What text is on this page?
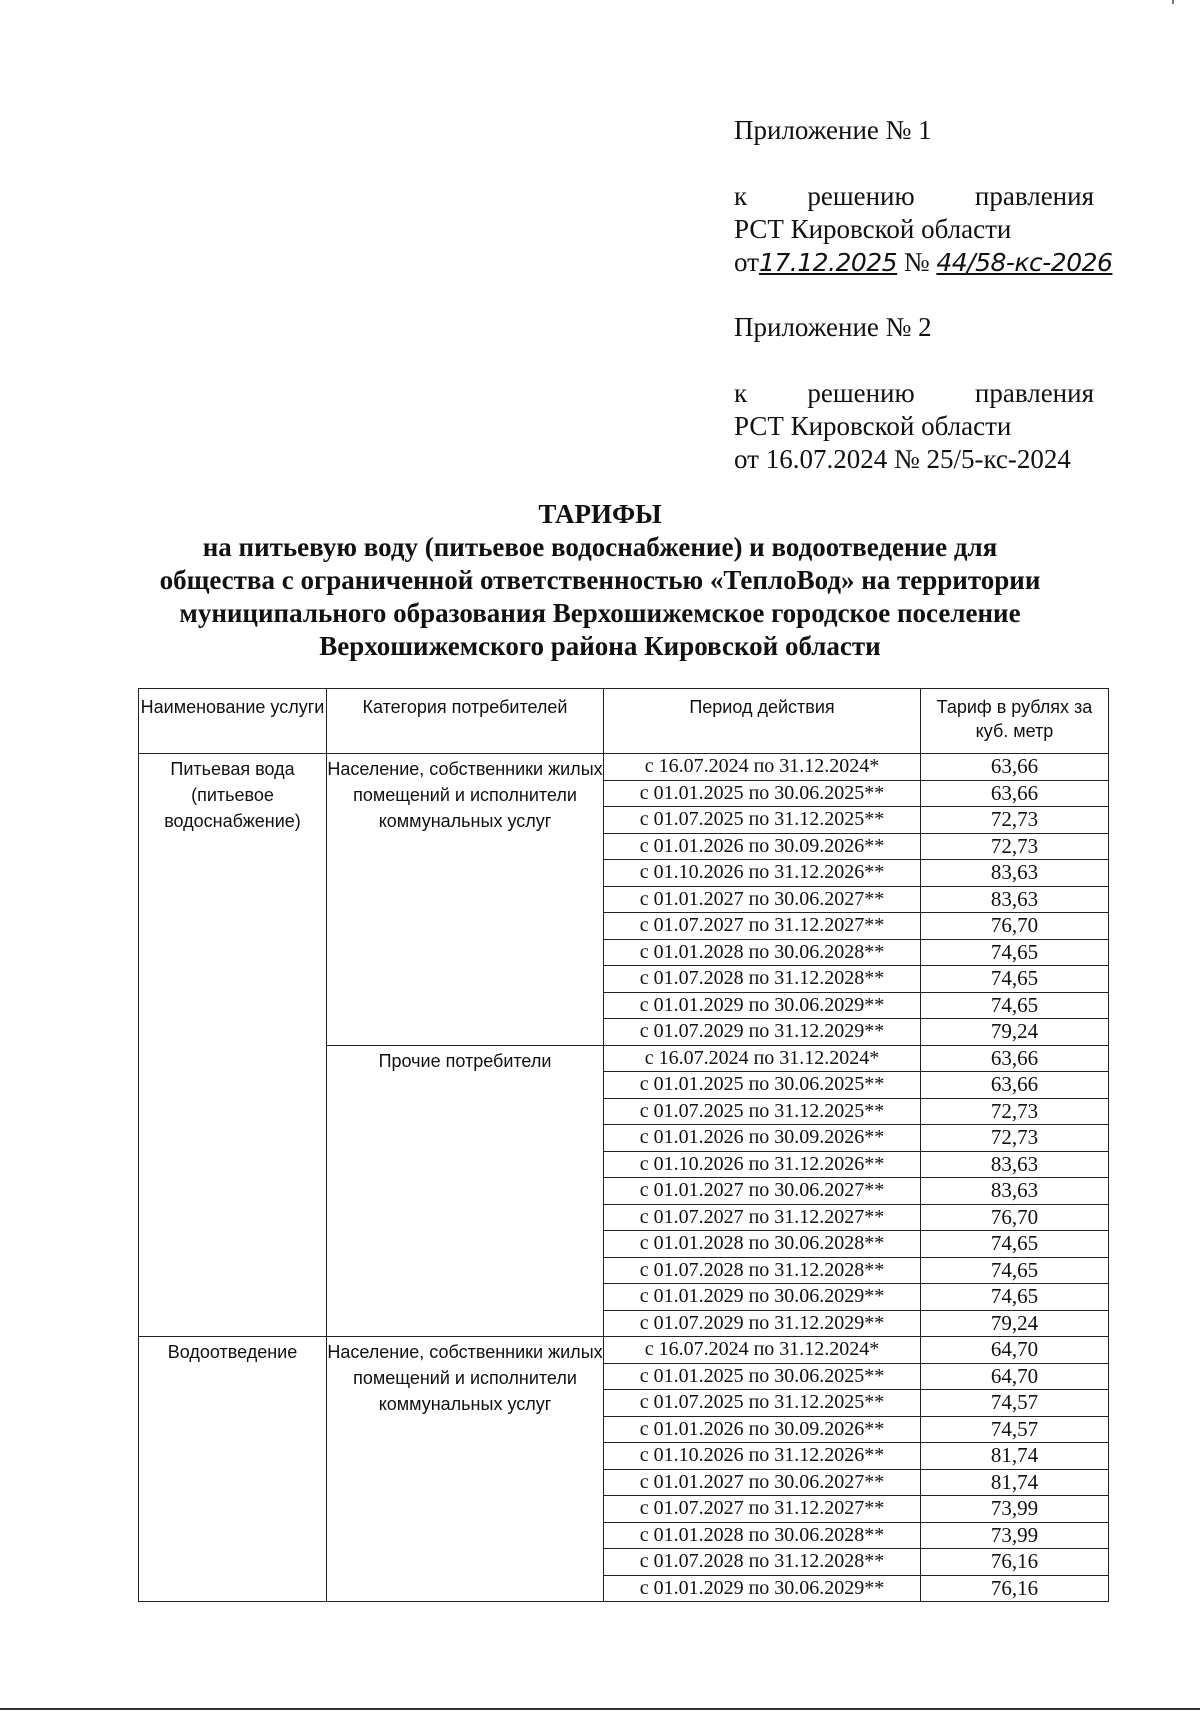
Приложение № 1
к решению правления
РСТ Кировской области
от17.12.2025 № 44/58-кс-2026
Приложение № 2
к решению правления
РСТ Кировской области
от 16.07.2024 № 25/5-кс-2024
ТАРИФЫ
на питьевую воду (питьевое водоснабжение) и водоотведение для
общества с ограниченной ответственностью «ТеплоВод» на территории
муниципального образования Верхошижемское городское поселение
Верхошижемского района Кировской области
Наименование услуги	Категория потребителей	Период действия	Тариф в рублях за куб. метр
Питьевая вода (питьевое водоснабжение)	Население, собственники жилых помещений и исполнители коммунальных услуг	с 16.07.2024 по 31.12.2024*	63,66
		с 01.01.2025 по 30.06.2025**	63,66
		с 01.07.2025 по 31.12.2025**	72,73
		с 01.01.2026 по 30.09.2026**	72,73
		с 01.10.2026 по 31.12.2026**	83,63
		с 01.01.2027 по 30.06.2027**	83,63
		с 01.07.2027 по 31.12.2027**	76,70
		с 01.01.2028 по 30.06.2028**	74,65
		с 01.07.2028 по 31.12.2028**	74,65
		с 01.01.2029 по 30.06.2029**	74,65
		с 01.07.2029 по 31.12.2029**	79,24
	Прочие потребители	с 16.07.2024 по 31.12.2024*	63,66
		с 01.01.2025 по 30.06.2025**	63,66
		с 01.07.2025 по 31.12.2025**	72,73
		с 01.01.2026 по 30.09.2026**	72,73
		с 01.10.2026 по 31.12.2026**	83,63
		с 01.01.2027 по 30.06.2027**	83,63
		с 01.07.2027 по 31.12.2027**	76,70
		с 01.01.2028 по 30.06.2028**	74,65
		с 01.07.2028 по 31.12.2028**	74,65
		с 01.01.2029 по 30.06.2029**	74,65
		с 01.07.2029 по 31.12.2029**	79,24
Водоотведение	Население, собственники жилых помещений и исполнители коммунальных услуг	с 16.07.2024 по 31.12.2024*	64,70
		с 01.01.2025 по 30.06.2025**	64,70
		с 01.07.2025 по 31.12.2025**	74,57
		с 01.01.2026 по 30.09.2026**	74,57
		с 01.10.2026 по 31.12.2026**	81,74
		с 01.01.2027 по 30.06.2027**	81,74
		с 01.07.2027 по 31.12.2027**	73,99
		с 01.01.2028 по 30.06.2028**	73,99
		с 01.07.2028 по 31.12.2028**	76,16
		с 01.01.2029 по 30.06.2029**	76,16
